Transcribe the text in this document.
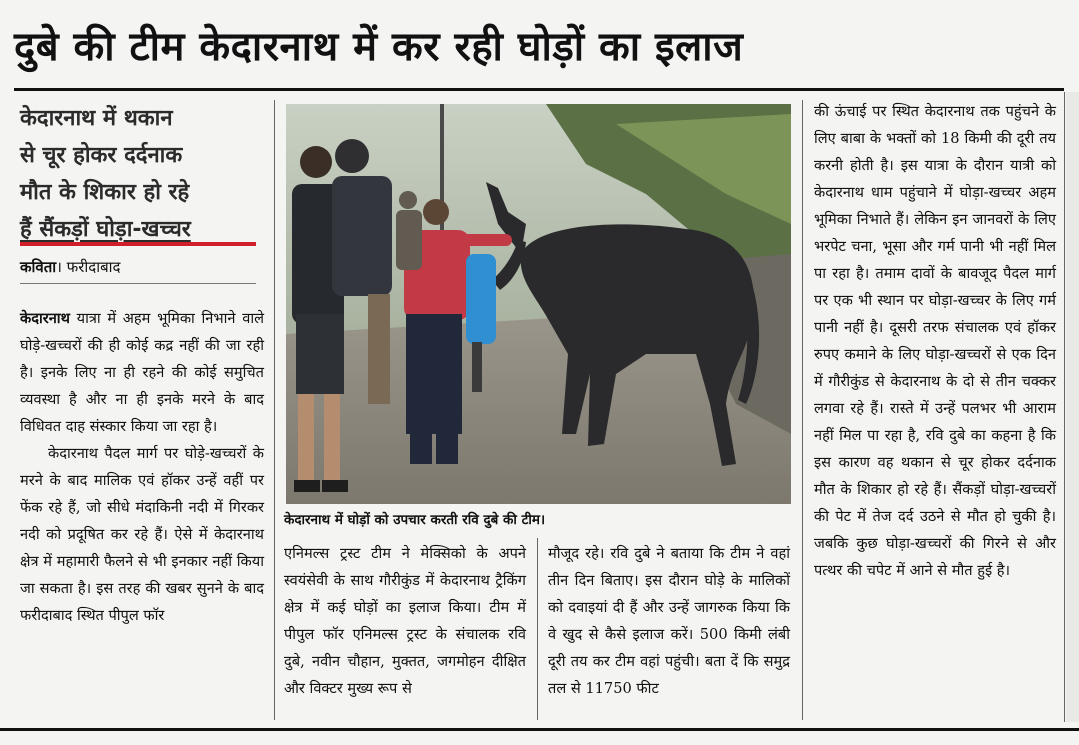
दुबे की टीम केदारनाथ में कर रही घोड़ों का इलाज
केदारनाथ में थकान
से चूर होकर दर्दनाक
मौत के शिकार हो रहे
हैं सैंकड़ों घोड़ा-खच्चर
कविता। फरीदाबाद

केदारनाथ यात्रा में अहम भूमिका निभाने वाले घोड़े-खच्चरों की ही कोई कद्र नहीं की जा रही है। इनके लिए ना ही रहने की कोई समुचित व्यवस्था है और ना ही इनके मरने के बाद विधिवत दाह संस्कार किया जा रहा है।

केदारनाथ पैदल मार्ग पर घोड़े-खच्चरों के मरने के बाद मालिक एवं हॉकर उन्हें वहीं पर फेंक रहे हैं, जो सीधे मंदाकिनी नदी में गिरकर नदी को प्रदूषित कर रहे हैं। ऐसे में केदारनाथ क्षेत्र में महामारी फैलने से भी इनकार नहीं किया जा सकता है। इस तरह की खबर सुनने के बाद फरीदाबाद स्थित पीपुल फॉर

केदारनाथ में घोड़ों को उपचार करती रवि दुबे की टीम।

एनिमल्स ट्रस्ट टीम ने मेक्सिको के अपने स्वयंसेवी के साथ गौरीकुंड में केदारनाथ ट्रैकिंग क्षेत्र में कई घोड़ों का इलाज किया। टीम में पीपुल फॉर एनिमल्स ट्रस्ट के संचालक रवि दुबे, नवीन चौहान, मुक्तत, जगमोहन दीक्षित और विक्टर मुख्य रूप से

मौजूद रहे। रवि दुबे ने बताया कि टीम ने वहां तीन दिन बिताए। इस दौरान घोड़े के मालिकों को दवाइयां दी हैं और उन्हें जागरुक किया कि वे खुद से कैसे इलाज करें। 500 किमी लंबी दूरी तय कर टीम वहां पहुंची। बता दें कि समुद्र तल से 11750 फीट

की ऊंचाई पर स्थित केदारनाथ तक पहुंचने के लिए बाबा के भक्तों को 18 किमी की दूरी तय करनी होती है। इस यात्रा के दौरान यात्री को केदारनाथ धाम पहुंचाने में घोड़ा-खच्चर अहम भूमिका निभाते हैं। लेकिन इन जानवरों के लिए भरपेट चना, भूसा और गर्म पानी भी नहीं मिल पा रहा है। तमाम दावों के बावजूद पैदल मार्ग पर एक भी स्थान पर घोड़ा-खच्चर के लिए गर्म पानी नहीं है। दूसरी तरफ संचालक एवं हॉकर रुपए कमाने के लिए घोड़ा-खच्चरों से एक दिन में गौरीकुंड से केदारनाथ के दो से तीन चक्कर लगवा रहे हैं। रास्ते में उन्हें पलभर भी आराम नहीं मिल पा रहा है, रवि दुबे का कहना है कि इस कारण वह थकान से चूर होकर दर्दनाक मौत के शिकार हो रहे हैं। सैंकड़ों घोड़ा-खच्चरों की पेट में तेज दर्द उठने से मौत हो चुकी है। जबकि कुछ घोड़ा-खच्चरों की गिरने से और पत्थर की चपेट में आने से मौत हुई है।
